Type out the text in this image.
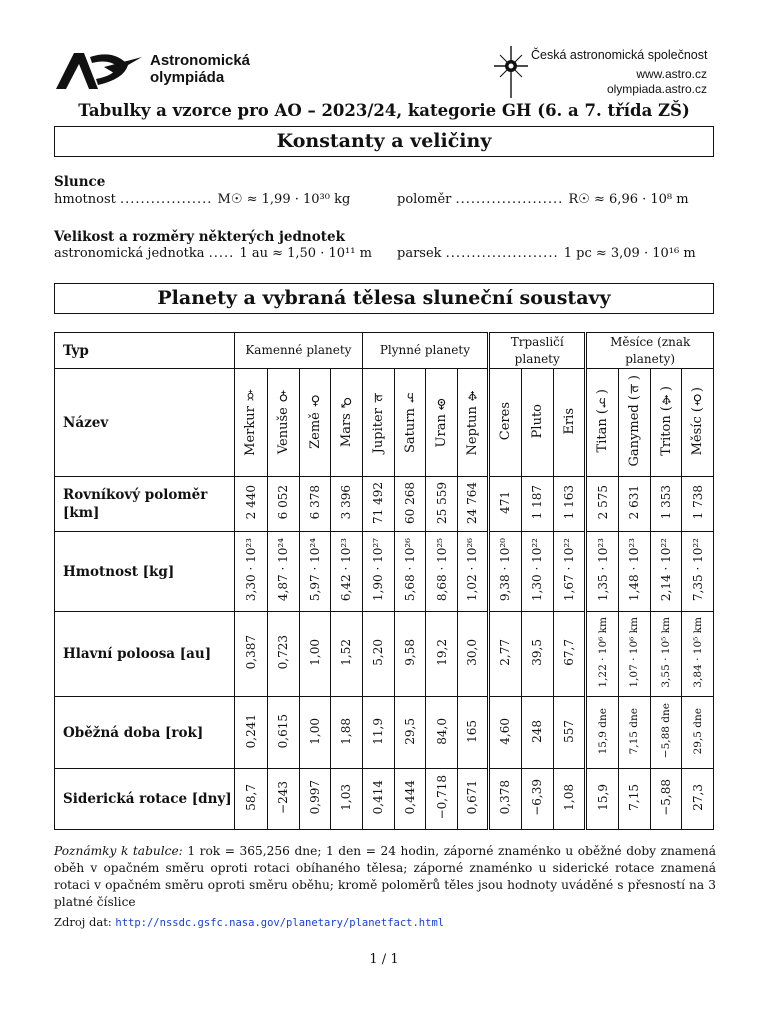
Astronomická
olympiáda
Česká astronomická společnost
www.astro.cz
olympiada.astro.cz
Tabulky a vzorce pro AO – 2023/24, kategorie GH (6. a 7. třída ZŠ)
Konstanty a veličiny
Slunce
hmotnost .................. M☉ ≈ 1,99 · 10³⁰ kg	poloměr ..................... R☉ ≈ 6,96 · 10⁸ m
Velikost a rozměry některých jednotek
astronomická jednotka ..... 1 au ≈ 1,50 · 10¹¹ m parsek ...................... 1 pc ≈ 3,09 · 10¹⁶ m
Planety a vybraná tělesa sluneční soustavy
Typ	Kamenné planety				Plynné planety				Trpasličí planety			Měsíce (znak planety)			
Název	Merkur ☿	Venuše ♀	Země ♁	Mars ♂	Jupiter ♃	Saturn ♄	Uran ⛢	Neptun ♆	Ceres	Pluto	Eris	Titan (♄)	Ganymed (♃)	Triton (♆)	Měsíc (♁)
Rovníkový poloměr [km]	2 440	6 052	6 378	3 396	71 492	60 268	25 559	24 764	471	1 187	1 163	2 575	2 631	1 353	1 738
Hmotnost [kg]	3,30 · 10²³	4,87 · 10²⁴	5,97 · 10²⁴	6,42 · 10²³	1,90 · 10²⁷	5,68 · 10²⁶	8,68 · 10²⁵	1,02 · 10²⁶	9,38 · 10²⁰	1,30 · 10²²	1,67 · 10²²	1,35 · 10²³	1,48 · 10²³	2,14 · 10²²	7,35 · 10²²
Hlavní poloosa [au]	0,387	0,723	1,00	1,52	5,20	9,58	19,2	30,0	2,77	39,5	67,7	1,22 · 10⁶ km	1,07 · 10⁶ km	3,55 · 10⁵ km	3,84 · 10⁵ km
Oběžná doba [rok]	0,241	0,615	1,00	1,88	11,9	29,5	84,0	165	4,60	248	557	15,9 dne	7,15 dne	−5,88 dne	29,5 dne
Siderická rotace [dny]	58,7	−243	0,997	1,03	0,414	0,444	−0,718	0,671	0,378	−6,39	1,08	15,9	7,15	−5,88	27,3
Poznámky k tabulce: 1 rok = 365,256 dne; 1 den = 24 hodin, záporné znaménko u oběžné doby znamená oběh v opačném směru oproti rotaci obíhaného tělesa; záporné znaménko u siderické rotace znamená rotaci v opačném směru oproti směru oběhu; kromě poloměrů těles jsou hodnoty uváděné s přesností na 3 platné číslice
Zdroj dat: http://nssdc.gsfc.nasa.gov/planetary/planetfact.html
1 / 1
